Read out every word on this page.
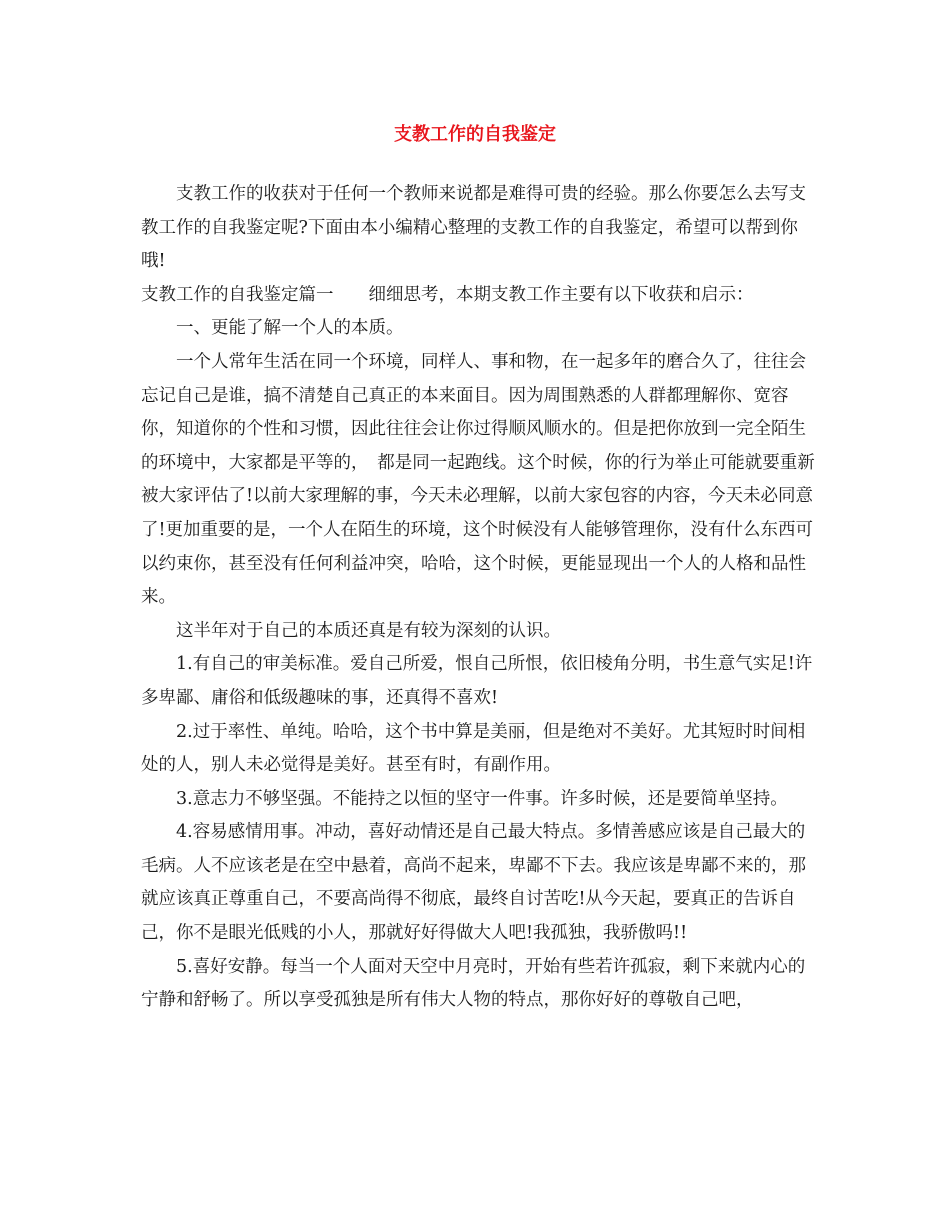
支教工作的自我鉴定

支教工作的收获对于任何一个教师来说都是难得可贵的经验。那么你要怎么去写支教工作的自我鉴定呢?下面由本小编精心整理的支教工作的自我鉴定，希望可以帮到你哦!

支教工作的自我鉴定篇一　　细细思考，本期支教工作主要有以下收获和启示：

一、更能了解一个人的本质。

一个人常年生活在同一个环境，同样人、事和物，在一起多年的磨合久了，往往会忘记自己是谁，搞不清楚自己真正的本来面目。因为周围熟悉的人群都理解你、宽容你，知道你的个性和习惯，因此往往会让你过得顺风顺水的。但是把你放到一完全陌生的环境中，大家都是平等的，　都是同一起跑线。这个时候，你的行为举止可能就要重新被大家评估了!以前大家理解的事，今天未必理解，以前大家包容的内容，今天未必同意了!更加重要的是，一个人在陌生的环境，这个时候没有人能够管理你，没有什么东西可以约束你，甚至没有任何利益冲突，哈哈，这个时候，更能显现出一个人的人格和品性来。

这半年对于自己的本质还真是有较为深刻的认识。

1.有自己的审美标准。爱自己所爱，恨自己所恨，依旧棱角分明，书生意气实足!许多卑鄙、庸俗和低级趣味的事，还真得不喜欢!

2.过于率性、单纯。哈哈，这个书中算是美丽，但是绝对不美好。尤其短时时间相处的人，别人未必觉得是美好。甚至有时，有副作用。

3.意志力不够坚强。不能持之以恒的坚守一件事。许多时候，还是要简单坚持。

4.容易感情用事。冲动，喜好动情还是自己最大特点。多情善感应该是自己最大的毛病。人不应该老是在空中悬着，高尚不起来，卑鄙不下去。我应该是卑鄙不来的，那就应该真正尊重自己，不要高尚得不彻底，最终自讨苦吃!从今天起，要真正的告诉自己，你不是眼光低贱的小人，那就好好得做大人吧!我孤独，我骄傲吗!!

5.喜好安静。每当一个人面对天空中月亮时，开始有些若许孤寂，剩下来就内心的宁静和舒畅了。所以享受孤独是所有伟大人物的特点，那你好好的尊敬自己吧，
